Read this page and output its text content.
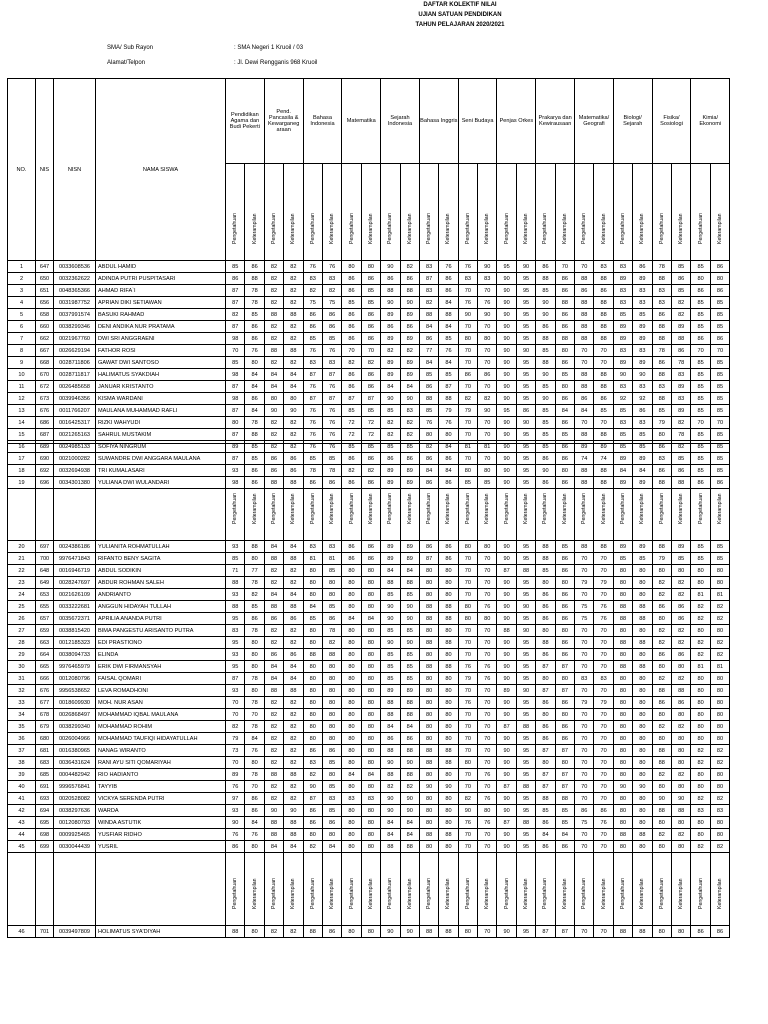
DAFTAR KOLEKTIF NILAI
UJIAN SATUAN PENDIDIKAN
TAHUN PELAJARAN 2020/2021
SMA/ Sub Rayon
Alamat/Telpon
: SMA Negeri 1 Kruoil / 03
: Jl. Dewi Rengganis 968 Kruoil
NO.	NIS	NISN	NAMA SISWA	Pendidikan Agama dan Budi Pekerti		Pend. Pancasila & Kewarganeg araan		Bahasa Indonesia		Matematika		Sejarah Indonesia		Bahasa Inggris		Seni Budaya		Penjas Orkes		Prakarya dan Kewirausaan		Matematika/ Geografi		Biologi/ Sejarah		Fisika/ Sosiologi		Kimia/ Ekonomi	

				Pengetahuan	Keterampilan	Pengetahuan	Keterampilan	Pengetahuan	Keterampilan	Pengetahuan	Keterampilan	Pengetahuan	Keterampilan	Pengetahuan	Keterampilan	Pengetahuan	Keterampilan	Pengetahuan	Keterampilan	Pengetahuan	Keterampilan	Pengetahuan	Keterampilan	Pengetahuan	Keterampilan	Pengetahuan	Keterampilan	Pengetahuan	Keterampilan

1	647	0033608536	ABDUL HAMID	85	86	82	82	76	76	80	80	90	82	83	76	76	90	95	90	86	70	70	83	83	86	78	85	85	86
2	650	0032362622	ADINDA PUTRI PUSPITASARI	86	88	82	82	83	83	86	86	86	86	87	86	83	83	90	95	88	86	88	88	89	89	88	86	80	80
3	651	0048365366	AHMAD RIFA`I	87	78	82	82	82	82	86	85	88	88	83	86	70	70	90	95	85	86	86	86	83	83	83	85	86	86
4	656	0031987752	APRIAN DIKI SETIAWAN	87	78	82	82	75	75	85	85	90	90	82	84	76	76	90	95	90	88	88	88	83	83	83	82	85	85
5	658	0037991574	BASUKI RAHMAD	82	85	88	88	86	86	86	86	89	89	88	88	90	90	90	95	90	86	88	88	85	85	86	82	85	85
6	660	0038299346	DENI ANDIKA NUR PRATAMA	87	86	82	82	86	86	86	86	86	86	84	84	70	70	90	95	86	86	88	88	89	89	88	89	85	85
7	662	0021967760	DWI SRI ANGGRAENI	98	86	82	82	85	85	86	86	89	89	86	85	80	80	90	95	88	88	88	88	89	89	88	88	86	86
8	667	0026629194	FATHOR ROSI	70	76	88	88	76	76	70	70	82	82	77	76	70	70	90	90	85	80	70	70	83	83	78	86	70	70
9	668	0028711806	GAWAT DWI SANTOSO	85	80	82	82	83	83	82	82	89	89	84	84	70	70	90	95	88	86	70	70	89	89	86	78	85	85
10	670	0028711817	HALIMATUS SYAKDIAH	98	84	84	84	87	87	86	86	89	89	85	85	86	86	90	95	90	85	88	88	90	90	88	83	85	85
11	672	0026485658	JANUAR KRISTANTO	87	84	84	84	76	76	86	86	84	84	86	87	70	70	90	95	85	80	88	88	83	83	83	89	85	85
12	673	0039946356	KISMA WARDANI	98	86	80	80	87	87	87	87	90	90	88	88	82	82	90	95	90	86	86	86	92	92	88	83	85	85
13	676	0011766207	MAULANA MUHAMMAD RAFLI	87	84	90	90	76	76	85	85	85	83	85	79	79	90	95	86	85	84	84	85	85	86	85	89	85	85
14	686	0016425317	RIZKI WAHYUDI	80	78	82	82	76	76	72	72	82	82	76	76	70	70	90	90	85	86	70	70	83	83	79	82	70	70
15	687	0021265163	SAHRUL MUSTAKIM	87	88	82	82	76	76	72	72	82	82	80	80	70	70	90	95	85	85	88	88	85	85	80	78	85	85
16	689	0024985133	SOFIYA NINGRUM	89	85	82	82	76	76	85	85	85	85	82	84	81	81	90	95	85	86	89	89	85	85	86	82	85	85
17	690	0021000282	SUWANDRE DWI ANGGARA MAULANA	87	85	86	86	85	85	86	86	86	86	86	86	70	70	90	95	86	86	74	74	89	89	83	85	85	85
18	692	0032694938	TRI KUMALASARI	93	86	86	86	78	78	82	82	89	89	84	84	80	80	90	95	90	80	88	88	84	84	86	86	85	85
19	696	0034301380	YULIANA DWI WULANDARI	98	86	88	88	86	86	86	86	89	89	86	86	85	85	90	95	86	86	88	88	89	89	88	88	86	86

				Pengetahuan	Keterampilan	Pengetahuan	Keterampilan	Pengetahuan	Keterampilan	Pengetahuan	Keterampilan	Pengetahuan	Keterampilan	Pengetahuan	Keterampilan	Pengetahuan	Keterampilan	Pengetahuan	Keterampilan	Pengetahuan	Keterampilan	Pengetahuan	Keterampilan	Pengetahuan	Keterampilan	Pengetahuan	Keterampilan	Pengetahuan	Keterampilan

20	697	0024386186	YULIANITA ROHMATULLAH	93	88	84	84	83	83	86	86	89	89	86	86	80	80	90	95	88	85	88	88	89	89	88	89	85	85
21	700	9976471843	RIFANTO BENY SAGITA	85	80	88	88	81	81	86	86	89	89	87	86	70	70	90	95	88	86	70	70	85	85	79	85	85	85
22	648	0016946719	ABDUL SODIKIN	71	77	82	82	80	85	80	80	84	84	80	80	70	70	87	88	85	86	70	70	80	80	80	80	80	80
23	649	0028247697	ABDUR ROHMAN SALEH	88	78	82	82	80	80	80	80	88	88	80	80	70	70	90	95	80	80	79	79	80	80	82	82	80	80
24	653	0021626109	ANDRIANTO	93	82	84	84	80	80	80	80	85	85	80	80	70	70	90	95	86	86	70	70	80	80	82	82	81	81
25	655	0033222681	ANGGUN HIDAYAH TULLAH	88	85	88	88	84	85	80	80	90	90	88	88	80	76	90	90	86	86	75	76	88	88	86	86	82	82
26	657	0035672371	APRILIA ANANDA PUTRI	95	86	86	86	85	86	84	84	90	90	88	88	80	80	90	95	86	86	75	76	88	88	80	86	82	82
27	659	0038815420	BIMA PANGESTU ARISANTO PUTRA	83	78	82	82	80	78	80	80	85	85	80	80	70	70	88	90	80	80	70	70	80	80	82	82	80	80
28	663	0012185323	EDI PRASTIONO	95	80	82	82	80	82	80	80	90	90	88	88	70	70	90	95	88	86	70	70	88	88	82	82	82	82
29	664	0038094733	ELINDA	93	80	86	86	88	88	80	80	85	85	80	80	70	70	90	95	86	86	70	70	80	80	86	86	82	82
30	665	9976465979	ERIK DWI FIRMANSYAH	95	80	84	84	80	80	80	80	85	85	88	88	76	76	90	95	87	87	70	70	88	88	80	80	81	81
31	666	0012080796	FAISAL QOMARI	87	78	84	84	80	80	80	80	85	85	80	80	79	76	90	95	80	80	83	83	80	80	82	82	80	80
32	676	9956538652	LEVA ROMADHONI	93	80	88	88	80	80	80	80	89	89	80	80	70	70	89	90	87	87	70	70	80	80	88	88	80	80
33	677	0018609930	MOH. NUR ASAN	70	78	82	82	80	80	80	80	88	88	80	80	76	70	90	95	86	86	79	79	80	80	86	86	80	80
34	678	0026868497	MOHAMMAD IQBAL MAULANA	70	70	82	82	80	80	80	80	88	88	80	80	70	70	90	95	80	80	70	70	80	80	80	80	80	80
35	679	0038299340	MOHAMMAD ROHIM	82	78	82	82	80	80	80	80	84	84	80	80	70	70	87	88	86	86	70	70	80	80	82	82	80	80
36	680	0026004966	MOHAMMAD TAUFIQI HIDAYATULLAH	79	84	82	82	80	80	80	80	86	86	80	80	70	70	90	95	86	86	70	70	80	80	80	80	80	80
37	681	0016380965	NANAG WIRANTO	73	76	82	82	86	86	80	80	88	88	88	88	70	70	90	95	87	87	70	70	80	80	88	80	82	82
38	683	0036431624	RANI AYU SITI QOMARIYAH	70	80	82	82	83	85	80	80	90	90	88	88	80	70	90	95	80	80	70	70	80	80	88	80	82	82
39	685	0004482942	RIO HADIANTO	89	78	88	88	82	80	84	84	88	88	80	80	70	76	90	95	87	87	70	70	80	80	82	82	80	80
40	691	9996576841	TAYYIB	76	70	82	82	90	85	80	80	82	82	90	90	70	70	87	88	87	87	70	70	90	90	80	80	80	80
41	693	0020528082	VICKYA SERENDA PUTRI	97	86	82	82	87	83	83	83	90	90	80	80	82	76	90	95	88	88	70	70	80	80	90	90	82	82
42	694	0038297636	WARDA	93	86	90	90	86	85	80	80	90	90	80	80	90	80	90	95	85	85	86	86	80	80	88	88	83	83
43	695	0012080793	WINDA ASTUTIK	90	84	88	88	86	86	80	80	84	84	80	80	76	76	87	88	86	85	75	76	80	80	80	80	80	80
44	698	0009925465	YUSFIAR RIDHO	76	76	88	88	80	80	80	80	84	84	88	88	70	70	90	95	84	84	70	70	88	88	82	82	80	80
45	699	0030044439	YUSRIL	86	80	84	84	82	84	80	80	88	88	80	80	70	70	90	95	86	86	70	70	80	80	80	80	82	82

				Pengetahuan	Keterampilan	Pengetahuan	Keterampilan	Pengetahuan	Keterampilan	Pengetahuan	Keterampilan	Pengetahuan	Keterampilan	Pengetahuan	Keterampilan	Pengetahuan	Keterampilan	Pengetahuan	Keterampilan	Pengetahuan	Keterampilan	Pengetahuan	Keterampilan	Pengetahuan	Keterampilan	Pengetahuan	Keterampilan	Pengetahuan	Keterampilan

46	701	0039497809	HOLIMATUS SYA'DIYAH	88	80	82	82	88	86	80	80	90	90	88	88	80	70	90	95	87	87	70	70	88	88	80	80	86	86
